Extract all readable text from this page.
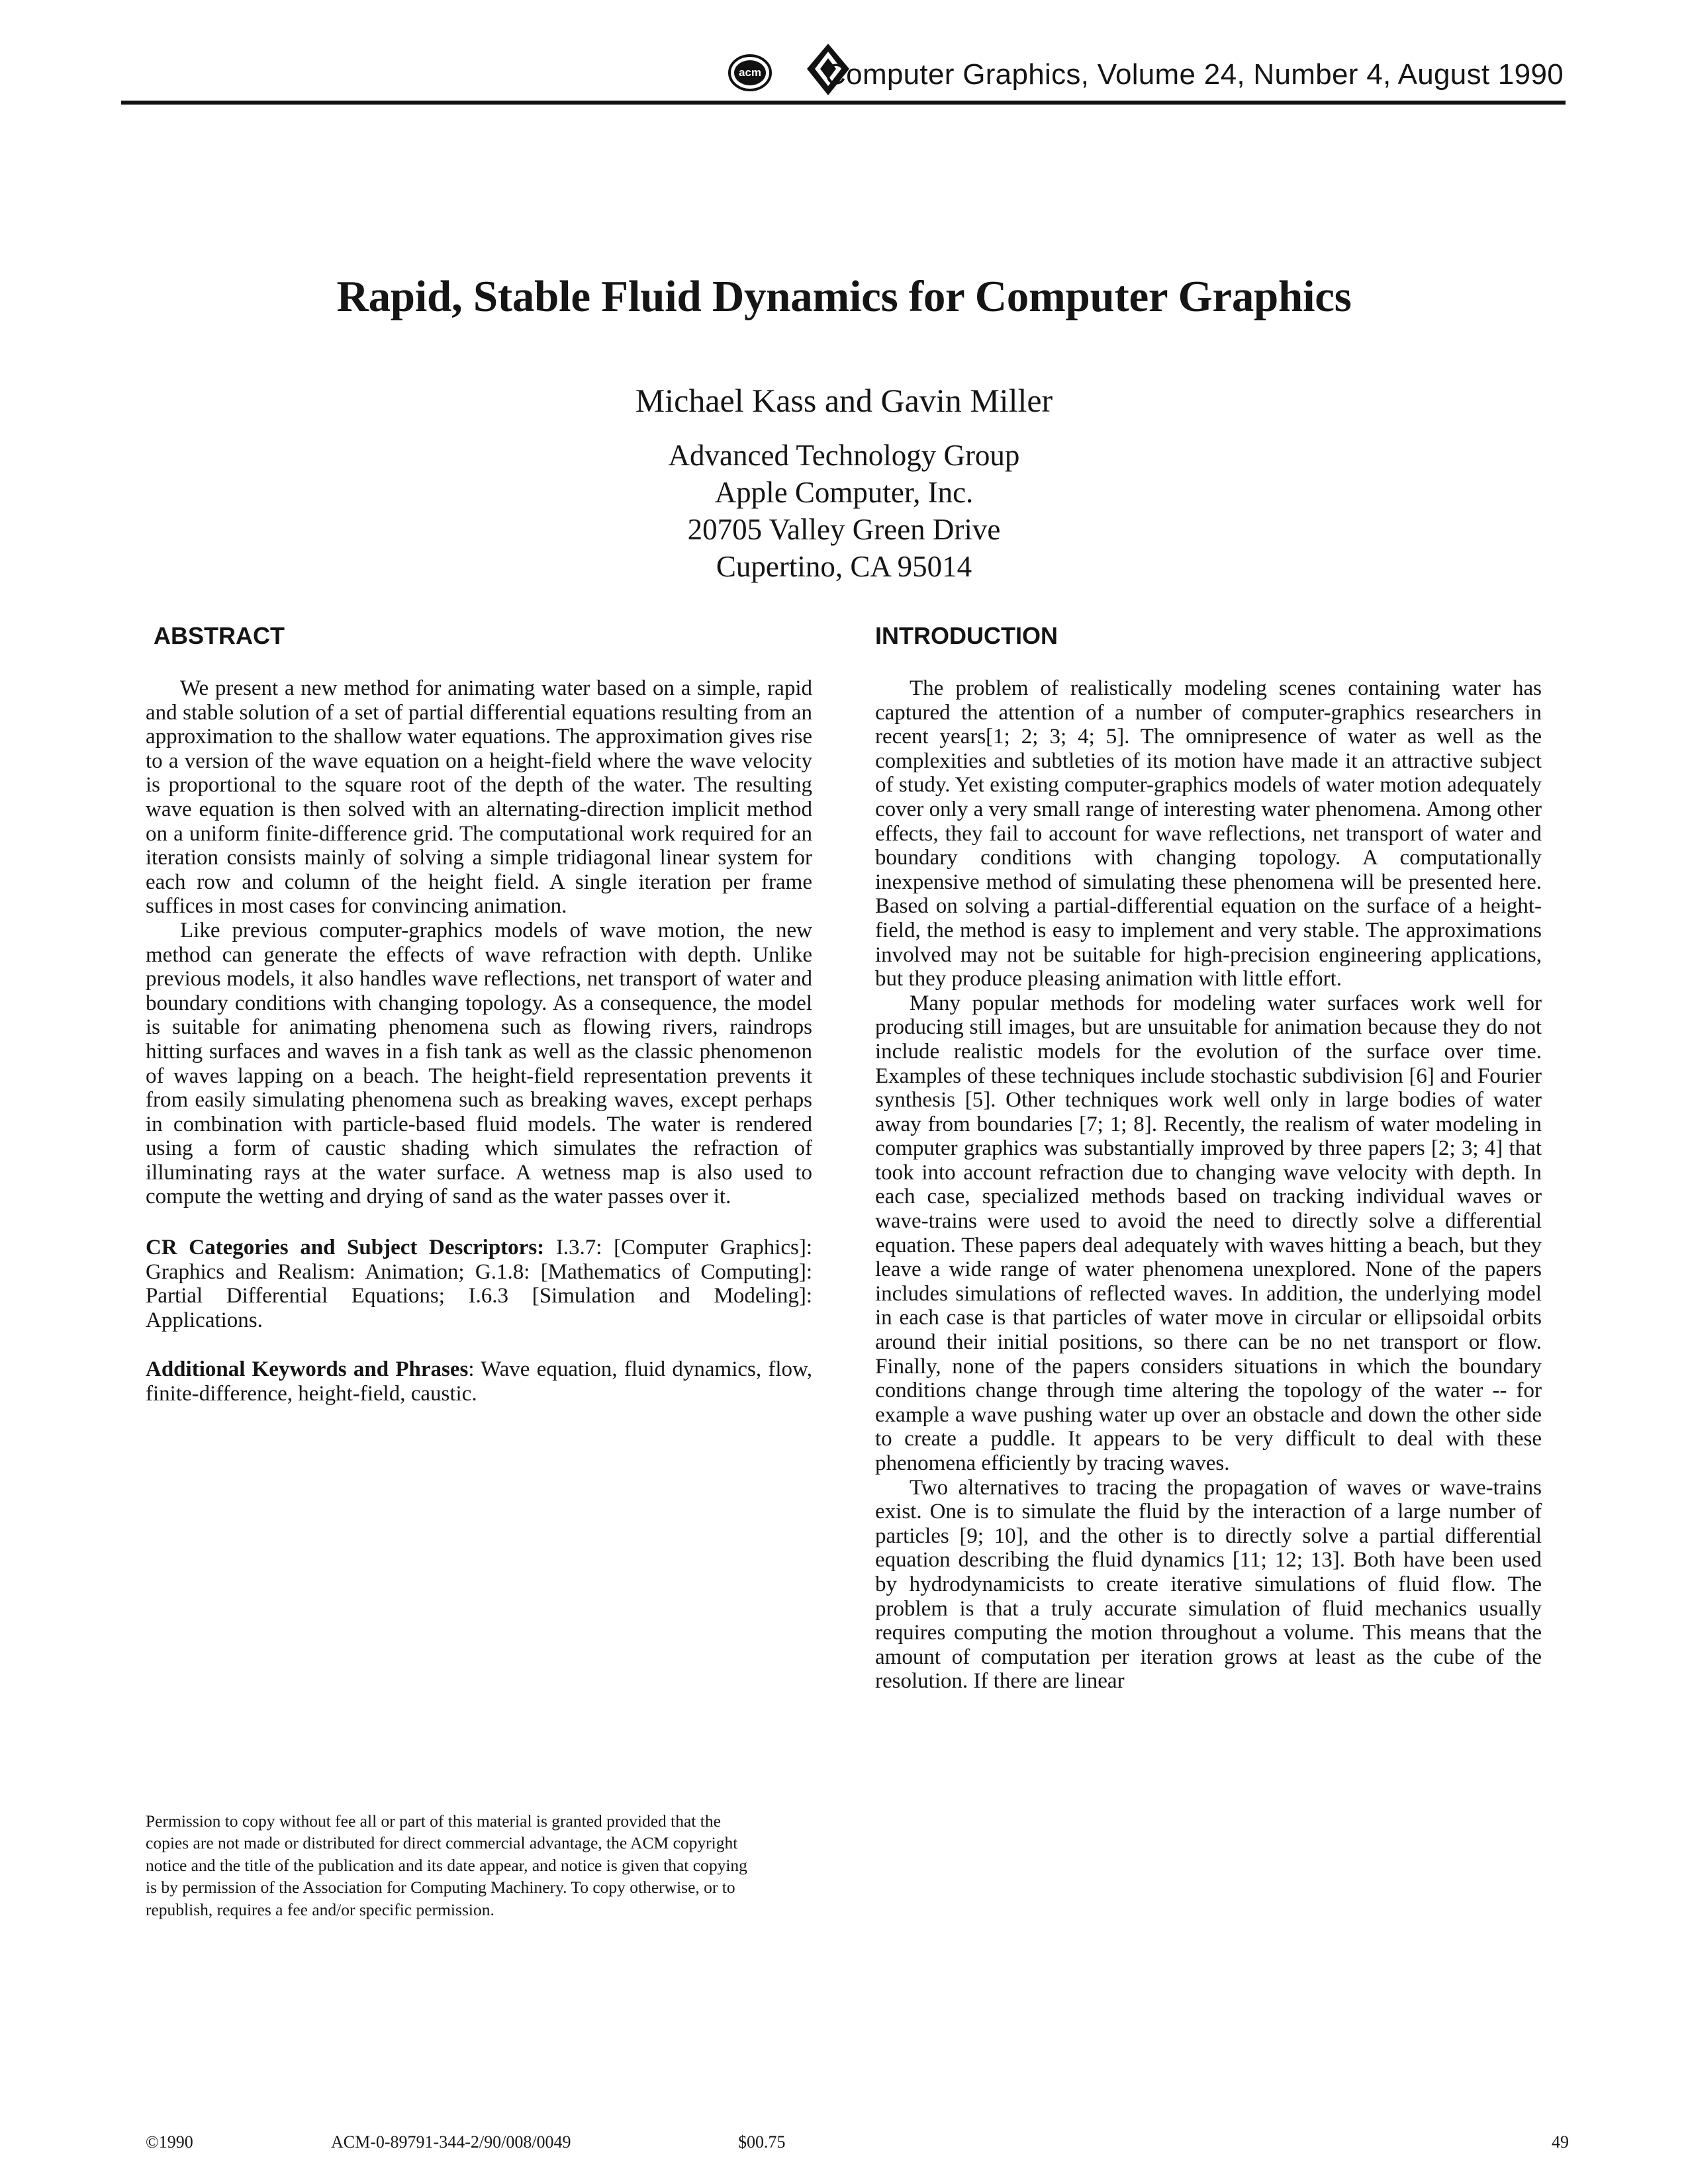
acm Computer Graphics, Volume 24, Number 4, August 1990
Rapid, Stable Fluid Dynamics for Computer Graphics
Michael Kass and Gavin Miller
Advanced Technology Group
Apple Computer, Inc.
20705 Valley Green Drive
Cupertino, CA 95014
ABSTRACT

We present a new method for animating water based on a simple, rapid and stable solution of a set of partial differential equations resulting from an approximation to the shallow water equations. The approximation gives rise to a version of the wave equation on a height-field where the wave velocity is proportional to the square root of the depth of the water. The resulting wave equation is then solved with an alternating-direction implicit method on a uniform finite-difference grid. The computational work required for an iteration consists mainly of solving a simple tridiagonal linear system for each row and column of the height field. A single iteration per frame suffices in most cases for convincing animation.

Like previous computer-graphics models of wave motion, the new method can generate the effects of wave refraction with depth. Unlike previous models, it also handles wave reflections, net transport of water and boundary conditions with changing topology. As a consequence, the model is suitable for animating phenomena such as flowing rivers, raindrops hitting surfaces and waves in a fish tank as well as the classic phenomenon of waves lapping on a beach. The height-field representation prevents it from easily simulating phenomena such as breaking waves, except perhaps in combination with particle-based fluid models. The water is rendered using a form of caustic shading which simulates the refraction of illuminating rays at the water surface. A wetness map is also used to compute the wetting and drying of sand as the water passes over it.

CR Categories and Subject Descriptors: I.3.7: [Computer Graphics]: Graphics and Realism: Animation; G.1.8: [Mathematics of Computing]: Partial Differential Equations; I.6.3 [Simulation and Modeling]: Applications.

Additional Keywords and Phrases: Wave equation, fluid dynamics, flow, finite-difference, height-field, caustic.

Permission to copy without fee all or part of this material is granted provided that the copies are not made or distributed for direct commercial advantage, the ACM copyright notice and the title of the publication and its date appear, and notice is given that copying is by permission of the Association for Computing Machinery. To copy otherwise, or to republish, requires a fee and/or specific permission.
INTRODUCTION

The problem of realistically modeling scenes containing water has captured the attention of a number of computer-graphics researchers in recent years[1; 2; 3; 4; 5]. The omnipresence of water as well as the complexities and subtleties of its motion have made it an attractive subject of study. Yet existing computer-graphics models of water motion adequately cover only a very small range of interesting water phenomena. Among other effects, they fail to account for wave reflections, net transport of water and boundary conditions with changing topology. A computationally inexpensive method of simulating these phenomena will be presented here. Based on solving a partial-differential equation on the surface of a height-field, the method is easy to implement and very stable. The approximations involved may not be suitable for high-precision engineering applications, but they produce pleasing animation with little effort.

Many popular methods for modeling water surfaces work well for producing still images, but are unsuitable for animation because they do not include realistic models for the evolution of the surface over time. Examples of these techniques include stochastic subdivision [6] and Fourier synthesis [5]. Other techniques work well only in large bodies of water away from boundaries [7; 1; 8]. Recently, the realism of water modeling in computer graphics was substantially improved by three papers [2; 3; 4] that took into account refraction due to changing wave velocity with depth. In each case, specialized methods based on tracking individual waves or wave-trains were used to avoid the need to directly solve a differential equation. These papers deal adequately with waves hitting a beach, but they leave a wide range of water phenomena unexplored. None of the papers includes simulations of reflected waves. In addition, the underlying model in each case is that particles of water move in circular or ellipsoidal orbits around their initial positions, so there can be no net transport or flow. Finally, none of the papers considers situations in which the boundary conditions change through time altering the topology of the water -- for example a wave pushing water up over an obstacle and down the other side to create a puddle. It appears to be very difficult to deal with these phenomena efficiently by tracing waves.

Two alternatives to tracing the propagation of waves or wave-trains exist. One is to simulate the fluid by the interaction of a large number of particles [9; 10], and the other is to directly solve a partial differential equation describing the fluid dynamics [11; 12; 13]. Both have been used by hydrodynamicists to create iterative simulations of fluid flow. The problem is that a truly accurate simulation of fluid mechanics usually requires computing the motion throughout a volume. This means that the amount of computation per iteration grows at least as the cube of the resolution. If there are linear

©1990	ACM-0-89791-344-2/90/008/0049	$00.75	49
